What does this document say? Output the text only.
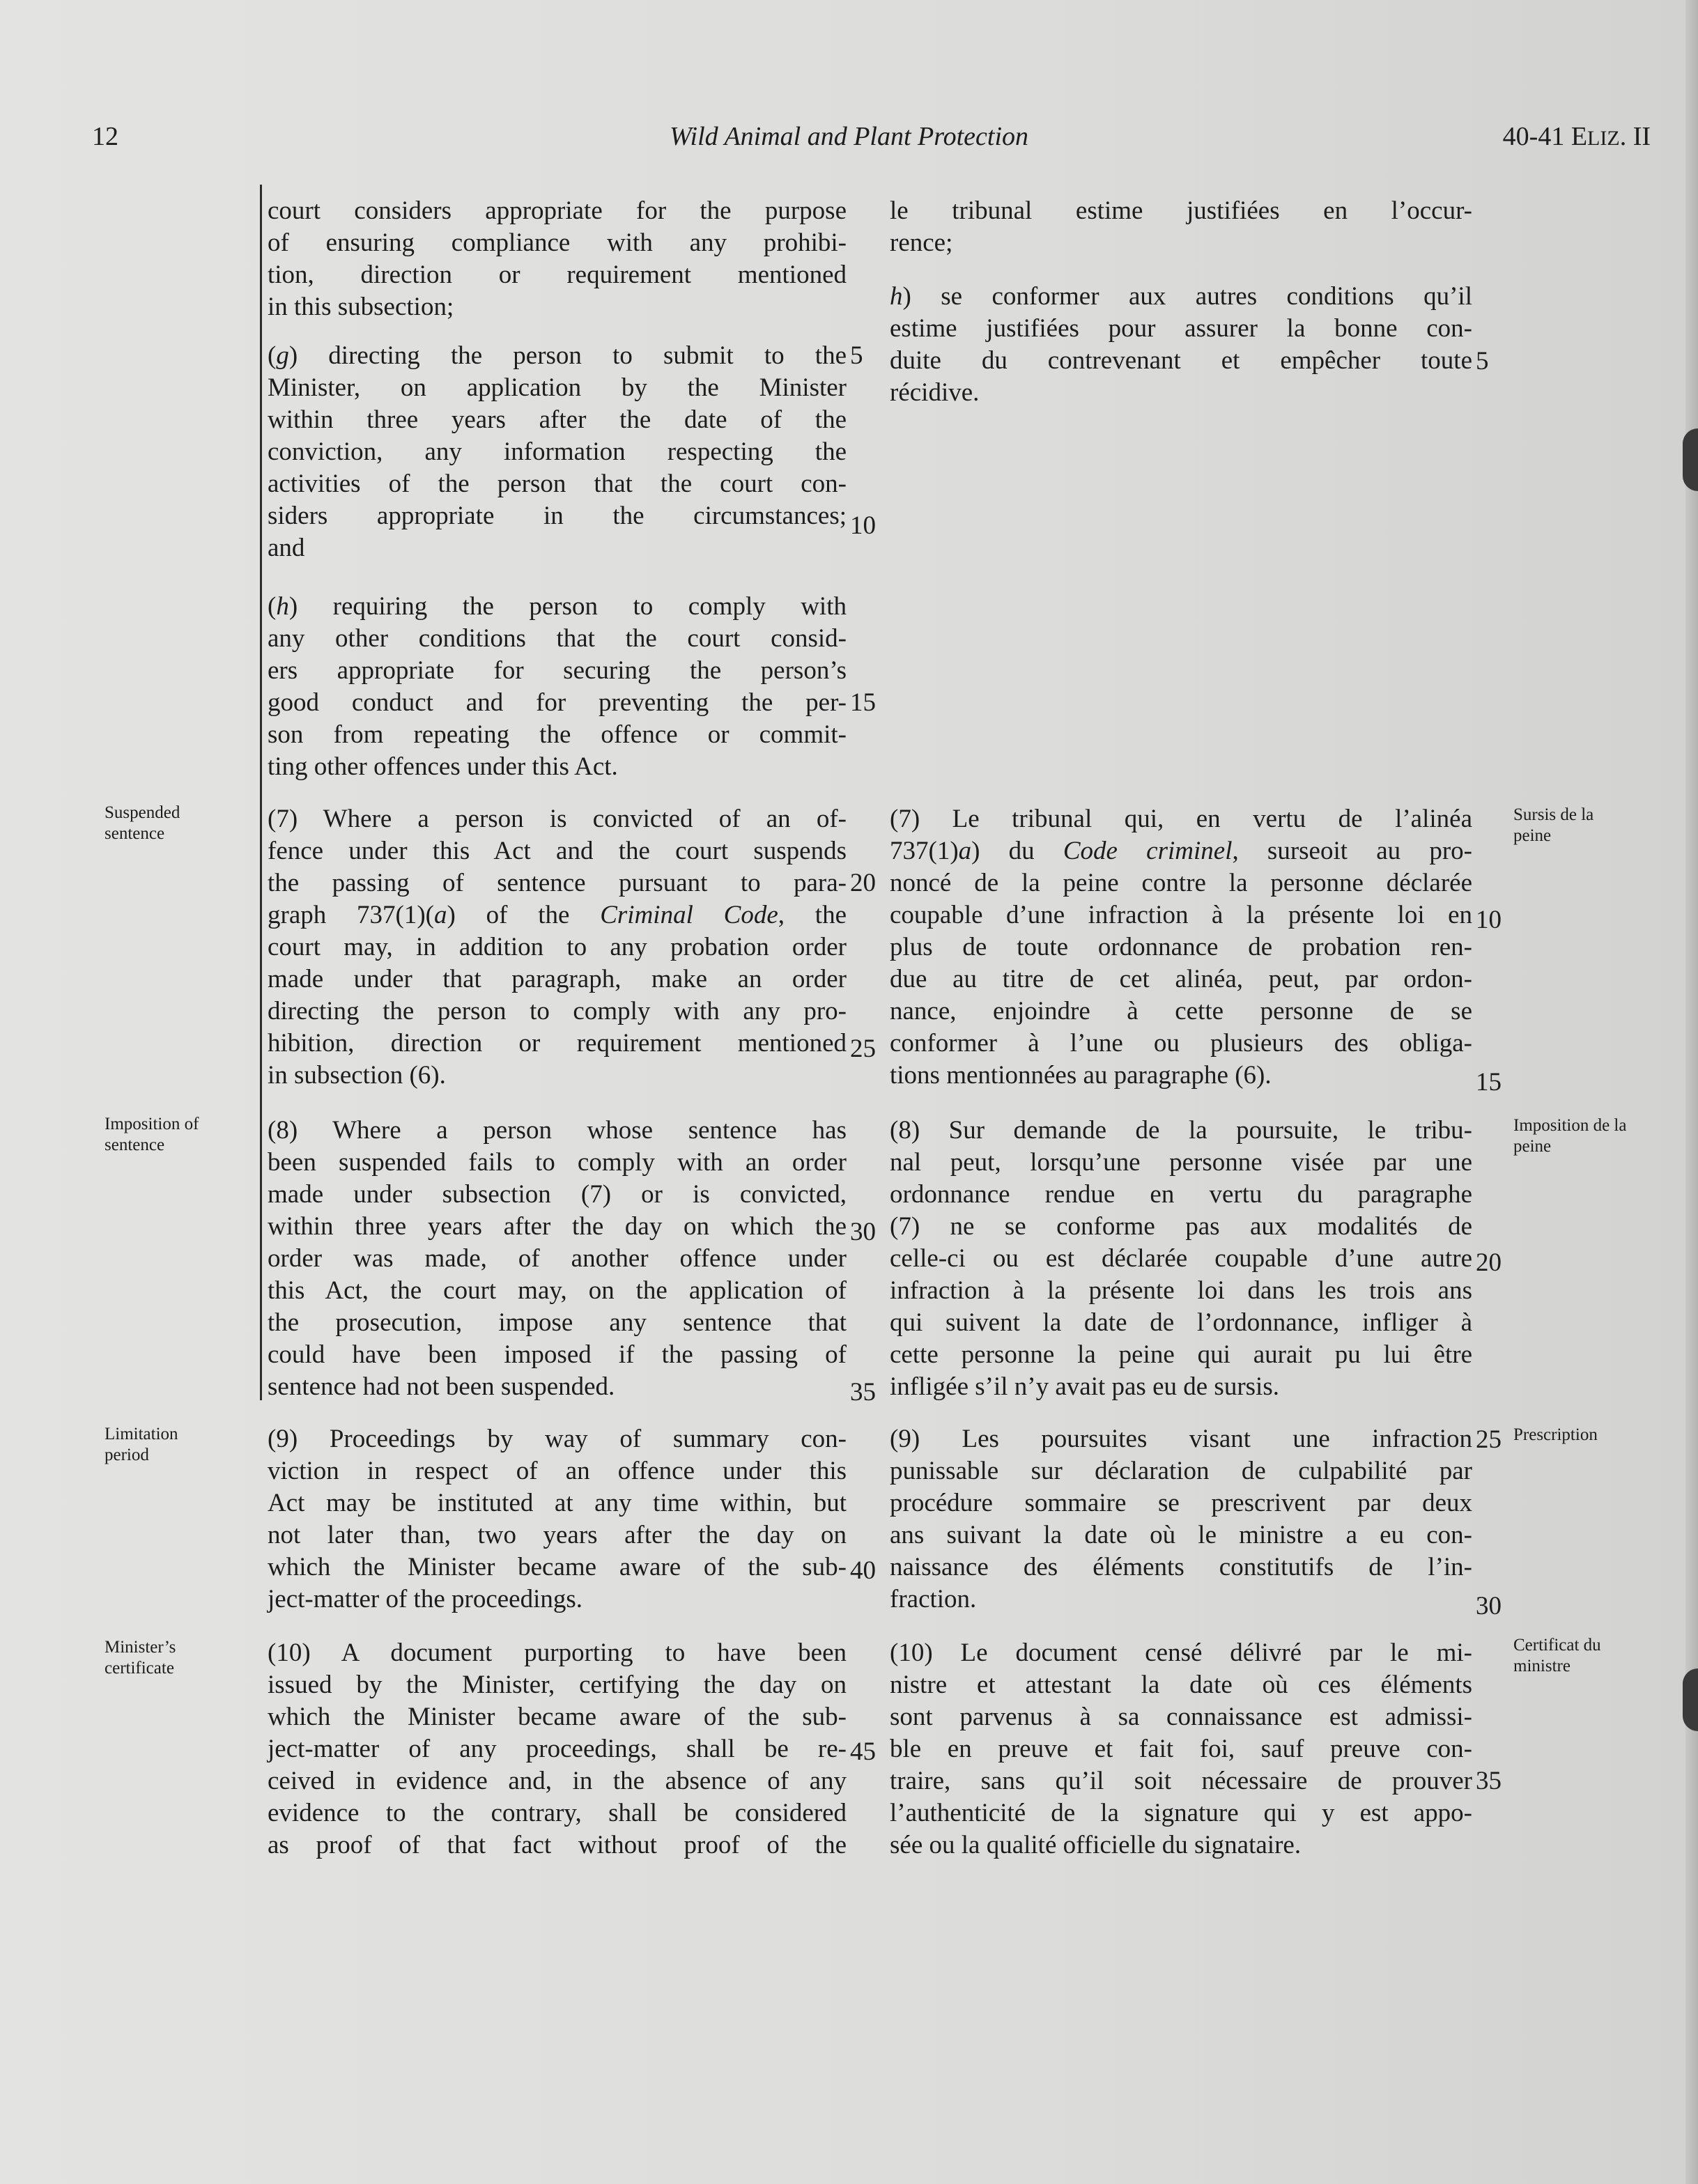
12	Wild Animal and Plant Protection	40-41 ELIZ. II

court considers appropriate for the purpose

of ensuring compliance with any prohibi-

tion, direction or requirement mentioned

in this subsection;

(g) directing the person to submit to the

Minister, on application by the Minister

within three years after the date of the

conviction, any information respecting the

activities of the person that the court con-

siders appropriate in the circumstances;

and

(h) requiring the person to comply with

any other conditions that the court consid-

ers appropriate for securing the person’s

good conduct and for preventing the per-

son from repeating the offence or commit-

ting other offences under this Act.

(7) Where a person is convicted of an of-

fence under this Act and the court suspends

the passing of sentence pursuant to para-

graph 737(1)(a) of the Criminal Code, the

court may, in addition to any probation order

made under that paragraph, make an order

directing the person to comply with any pro-

hibition, direction or requirement mentioned

in subsection (6).

(8) Where a person whose sentence has

been suspended fails to comply with an order

made under subsection (7) or is convicted,

within three years after the day on which the

order was made, of another offence under

this Act, the court may, on the application of

the prosecution, impose any sentence that

could have been imposed if the passing of

sentence had not been suspended.

(9) Proceedings by way of summary con-

viction in respect of an offence under this

Act may be instituted at any time within, but

not later than, two years after the day on

which the Minister became aware of the sub-

ject-matter of the proceedings.

(10) A document purporting to have been

issued by the Minister, certifying the day on

which the Minister became aware of the sub-

ject-matter of any proceedings, shall be re-

ceived in evidence and, in the absence of any

evidence to the contrary, shall be considered

as proof of that fact without proof of the

le tribunal estime justifiées en l’occur-

rence;

h) se conformer aux autres conditions qu’il

estime justifiées pour assurer la bonne con-

duite du contrevenant et empêcher toute

récidive.

(7) Le tribunal qui, en vertu de l’alinéa

737(1)a) du Code criminel, surseoit au pro-

noncé de la peine contre la personne déclarée

coupable d’une infraction à la présente loi en

plus de toute ordonnance de probation ren-

due au titre de cet alinéa, peut, par ordon-

nance, enjoindre à cette personne de se

conformer à l’une ou plusieurs des obliga-

tions mentionnées au paragraphe (6).

(8) Sur demande de la poursuite, le tribu-

nal peut, lorsqu’une personne visée par une

ordonnance rendue en vertu du paragraphe

(7) ne se conforme pas aux modalités de

celle-ci ou est déclarée coupable d’une autre

infraction à la présente loi dans les trois ans

qui suivent la date de l’ordonnance, infliger à

cette personne la peine qui aurait pu lui être

infligée s’il n’y avait pas eu de sursis.

(9) Les poursuites visant une infraction

punissable sur déclaration de culpabilité par

procédure sommaire se prescrivent par deux

ans suivant la date où le ministre a eu con-

naissance des éléments constitutifs de l’in-

fraction.

(10) Le document censé délivré par le mi-

nistre et attestant la date où ces éléments

sont parvenus à sa connaissance est admissi-

ble en preuve et fait foi, sauf preuve con-

traire, sans qu’il soit nécessaire de prouver

l’authenticité de la signature qui y est appo-

sée ou la qualité officielle du signataire.

Suspended
sentence
Imposition of
sentence
Limitation
period
Minister’s
certificate
Sursis de la
peine
Imposition de la
peine
Prescription
Certificat du
ministre
5
10
15
20
25
30
35
40
45
5
10
15
20
25
30
35
